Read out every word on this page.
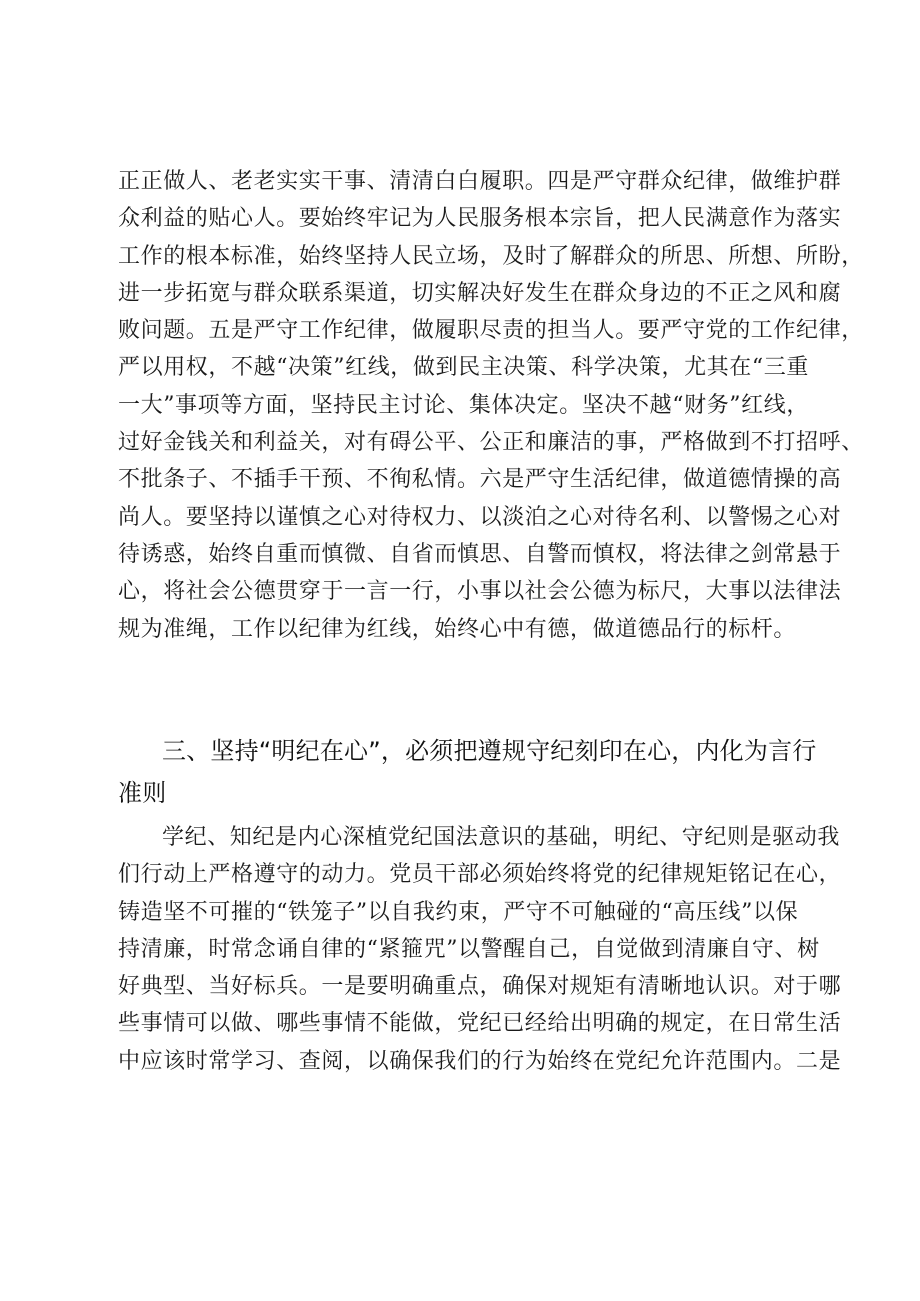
正正做人、老老实实干事、清清白白履职。四是严守群众纪律，做维护群
众利益的贴心人。要始终牢记为人民服务根本宗旨，把人民满意作为落实
工作的根本标准，始终坚持人民立场，及时了解群众的所思、所想、所盼，
进一步拓宽与群众联系渠道，切实解决好发生在群众身边的不正之风和腐
败问题。五是严守工作纪律，做履职尽责的担当人。要严守党的工作纪律，
严以用权，不越“决策”红线，做到民主决策、科学决策，尤其在“三重
一大”事项等方面，坚持民主讨论、集体决定。坚决不越“财务”红线，
过好金钱关和利益关，对有碍公平、公正和廉洁的事，严格做到不打招呼、
不批条子、不插手干预、不徇私情。六是严守生活纪律，做道德情操的高
尚人。要坚持以谨慎之心对待权力、以淡泊之心对待名利、以警惕之心对
待诱惑，始终自重而慎微、自省而慎思、自警而慎权，将法律之剑常悬于
心，将社会公德贯穿于一言一行，小事以社会公德为标尺，大事以法律法
规为准绳，工作以纪律为红线，始终心中有德，做道德品行的标杆。
三、坚持“明纪在心”，必须把遵规守纪刻印在心，内化为言行
准则
学纪、知纪是内心深植党纪国法意识的基础，明纪、守纪则是驱动我
们行动上严格遵守的动力。党员干部必须始终将党的纪律规矩铭记在心，
铸造坚不可摧的“铁笼子”以自我约束，严守不可触碰的“高压线”以保
持清廉，时常念诵自律的“紧箍咒”以警醒自己，自觉做到清廉自守、树
好典型、当好标兵。一是要明确重点，确保对规矩有清晰地认识。对于哪
些事情可以做、哪些事情不能做，党纪已经给出明确的规定，在日常生活
中应该时常学习、查阅，以确保我们的行为始终在党纪允许范围内。二是
